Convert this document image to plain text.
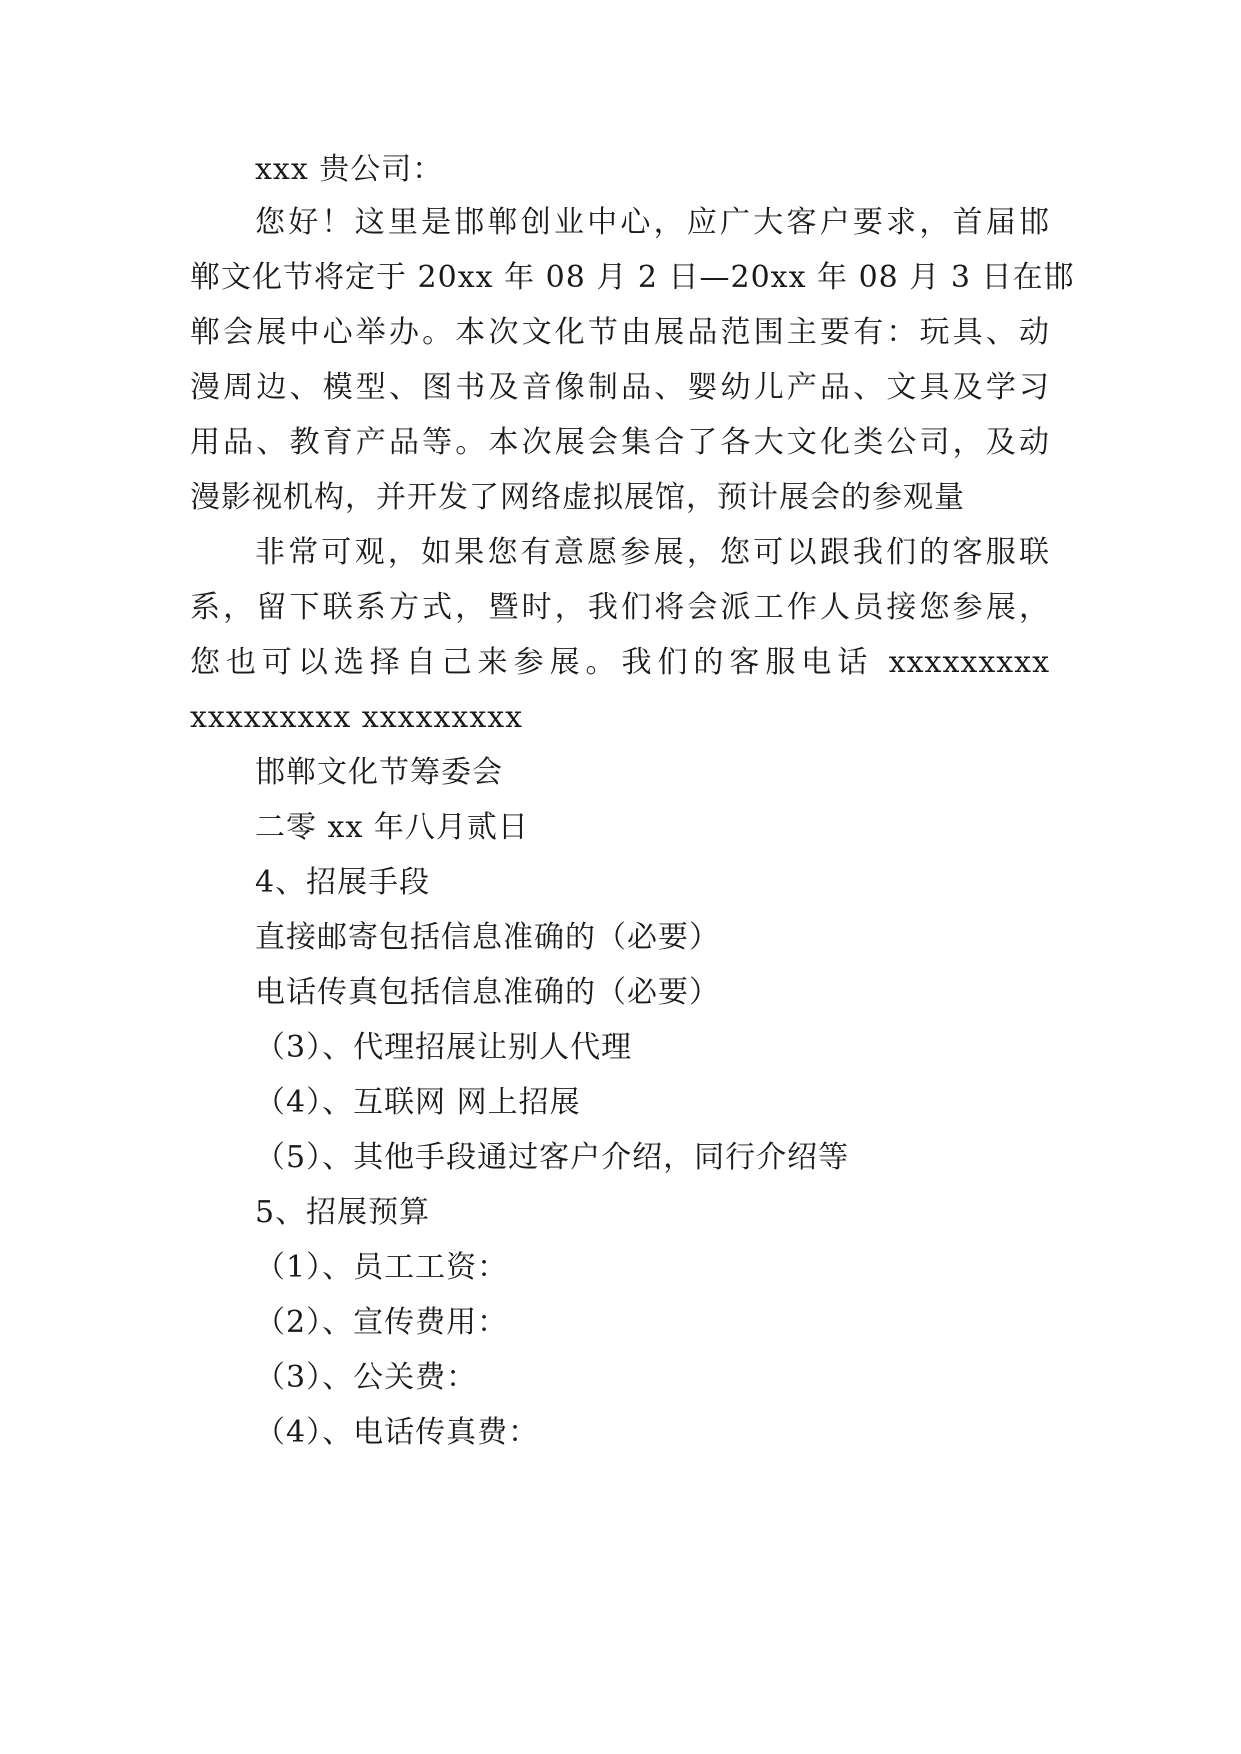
xxx 贵公司：
您好！这里是邯郸创业中心，应广大客户要求，首届邯
郸文化节将定于 20xx 年 08 月 2 日—20xx 年 08 月 3 日在邯
郸会展中心举办。本次文化节由展品范围主要有：玩具、动
漫周边、模型、图书及音像制品、婴幼儿产品、文具及学习
用品、教育产品等。本次展会集合了各大文化类公司，及动
漫影视机构，并开发了网络虚拟展馆，预计展会的参观量
非常可观，如果您有意愿参展，您可以跟我们的客服联
系，留下联系方式，暨时，我们将会派工作人员接您参展，
您也可以选择自己来参展。我们的客服电话 xxxxxxxxx
xxxxxxxxx xxxxxxxxx
邯郸文化节筹委会
二零 xx 年八月贰日
4、招展手段
直接邮寄包括信息准确的（必要）
电话传真包括信息准确的（必要）
（3）、代理招展让别人代理
（4）、互联网 网上招展
（5）、其他手段通过客户介绍，同行介绍等
5、招展预算
（1）、员工工资：
（2）、宣传费用：
（3）、公关费：
（4）、电话传真费：
